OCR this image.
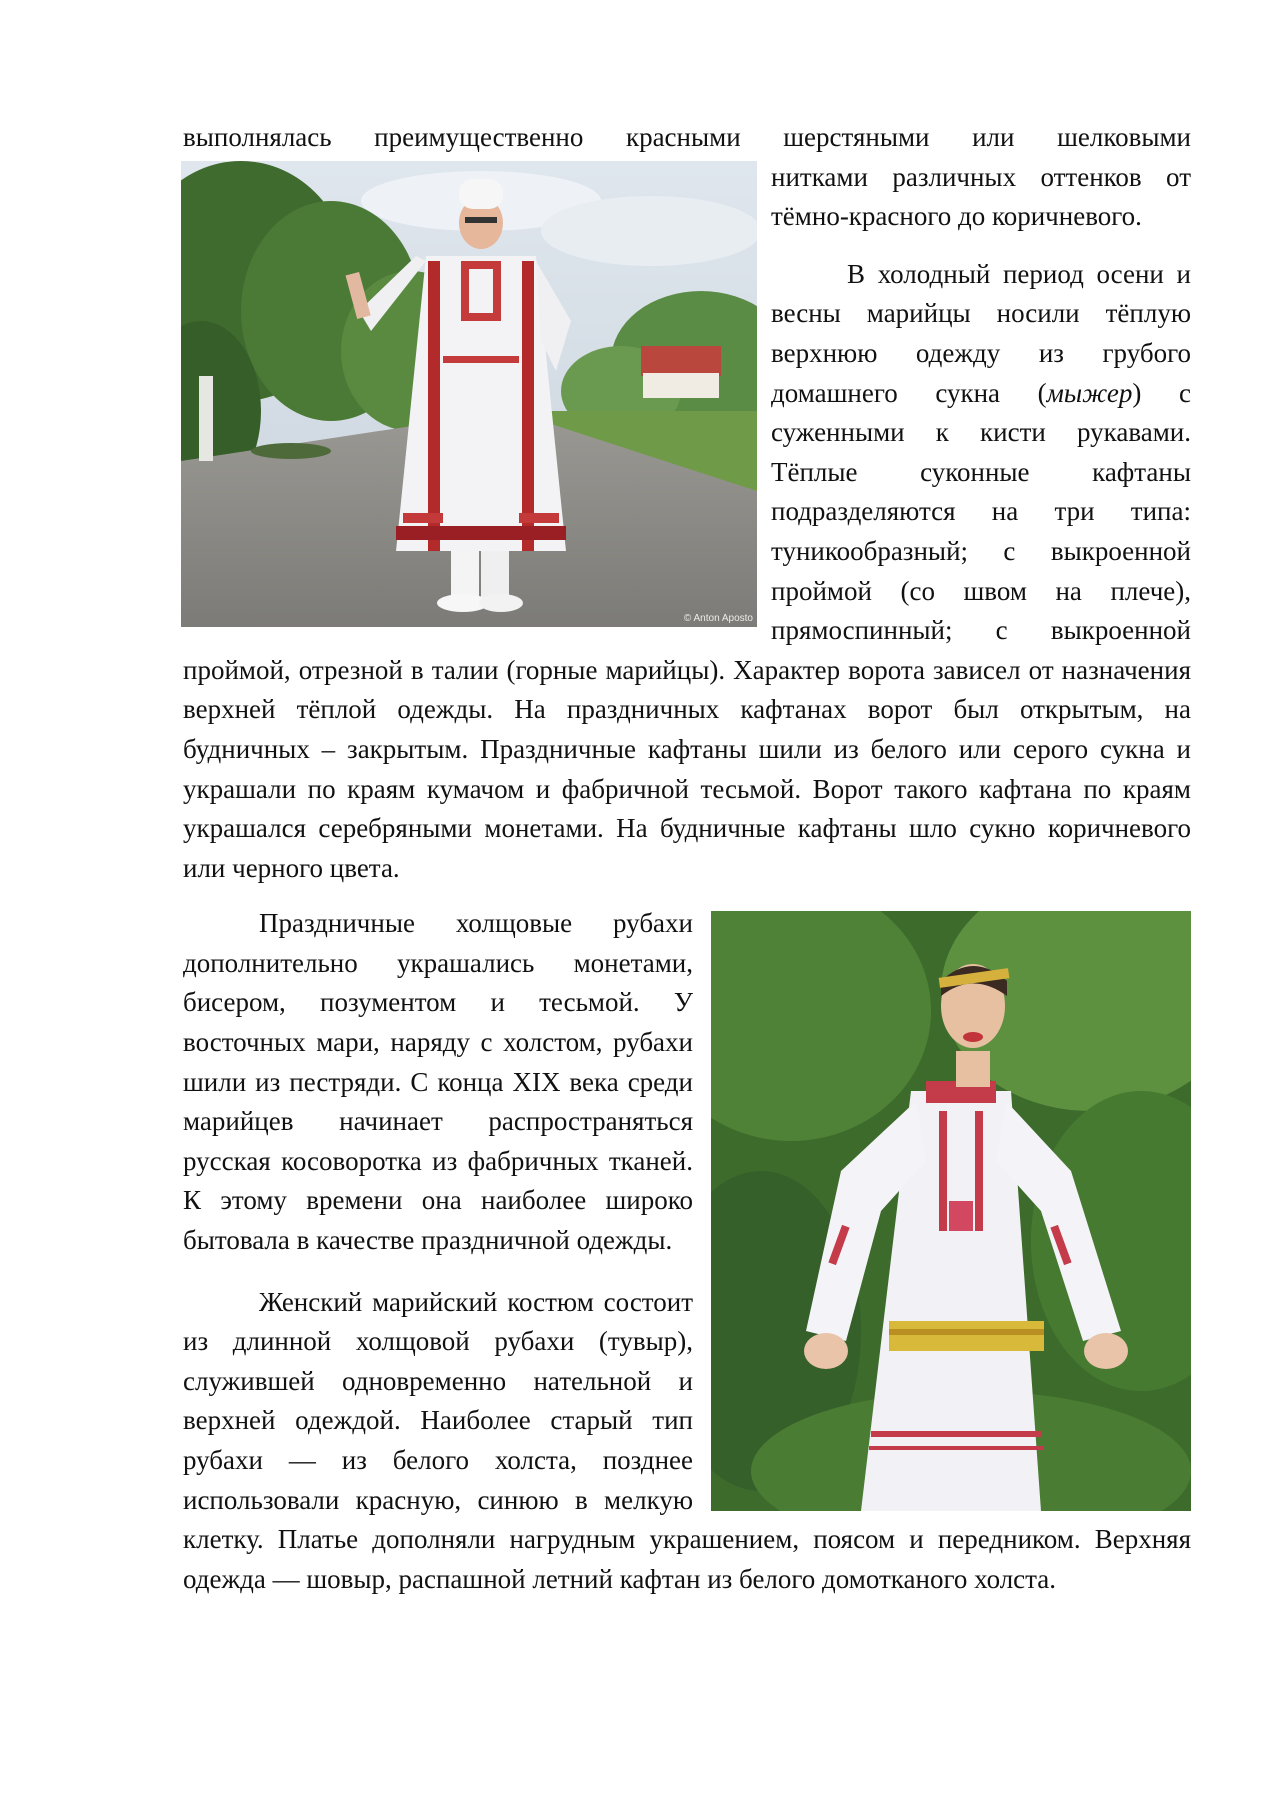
выполнялась преимущественно красными шерстяными или шелковыми

© Anton Aposto

нитками различных оттенков от тёмно-красного до коричневого.

В холодный период осени и весны марийцы носили тёплую верхнюю одежду из грубого домашнего сукна (мыжер) с суженными к кисти рукавами. Тёплые суконные кафтаны подразделяются на три типа: туникообразный; с выкроенной проймой (со швом на плече), прямоспинный; с выкроенной проймой, отрезной в талии (горные марийцы). Характер ворота зависел от назначения верхней тёплой одежды. На праздничных кафтанах ворот был открытым, на будничных – закрытым. Праздничные кафтаны шили из белого или серого сукна и украшали по краям кумачом и фабричной тесьмой. Ворот такого кафтана по краям украшался серебряными монетами. На будничные кафтаны шло сукно коричневого или черного цвета.

Праздничные холщовые рубахи дополнительно украшались монетами, бисером, позументом и тесьмой. У восточных мари, наряду с холстом, рубахи шили из пестряди. С конца XIX века среди марийцев начинает распространяться русская косоворотка из фабричных тканей. К этому времени она наиболее широко бытовала в качестве праздничной одежды.

Женский марийский костюм состоит из длинной холщовой рубахи (тувыр), служившей одновременно нательной и верхней одеждой. Наиболее старый тип рубахи — из белого холста, позднее использовали красную, синюю в мелкую клетку. Платье дополняли нагрудным украшением, поясом и передником. Верхняя одежда — шовыр, распашной летний кафтан из белого домотканого холста.
